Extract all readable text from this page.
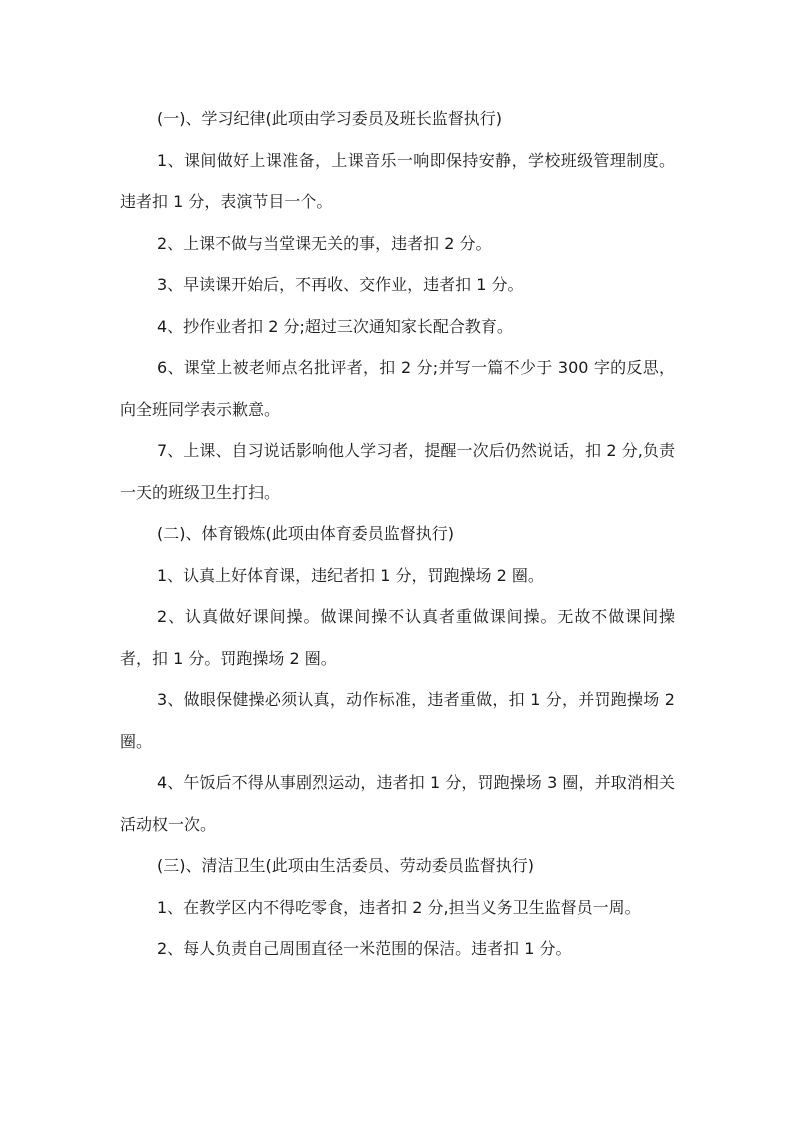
(一)、学习纪律(此项由学习委员及班长监督执行)

1、课间做好上课准备，上课音乐一响即保持安静，学校班级管理制度。违者扣 1 分，表演节目一个。

2、上课不做与当堂课无关的事，违者扣 2 分。

3、早读课开始后，不再收、交作业，违者扣 1 分。

4、抄作业者扣 2 分;超过三次通知家长配合教育。

6、课堂上被老师点名批评者，扣 2 分;并写一篇不少于 300 字的反思，向全班同学表示歉意。

7、上课、自习说话影响他人学习者，提醒一次后仍然说话，扣 2 分,负责一天的班级卫生打扫。

(二)、体育锻炼(此项由体育委员监督执行)

1、认真上好体育课，违纪者扣 1 分，罚跑操场 2 圈。

2、认真做好课间操。做课间操不认真者重做课间操。无故不做课间操者，扣 1 分。罚跑操场 2 圈。

3、做眼保健操必须认真，动作标准，违者重做，扣 1 分，并罚跑操场 2 圈。

4、午饭后不得从事剧烈运动，违者扣 1 分，罚跑操场 3 圈，并取消相关活动权一次。

(三)、清洁卫生(此项由生活委员、劳动委员监督执行)

1、在教学区内不得吃零食，违者扣 2 分,担当义务卫生监督员一周。

2、每人负责自己周围直径一米范围的保洁。违者扣 1 分。
